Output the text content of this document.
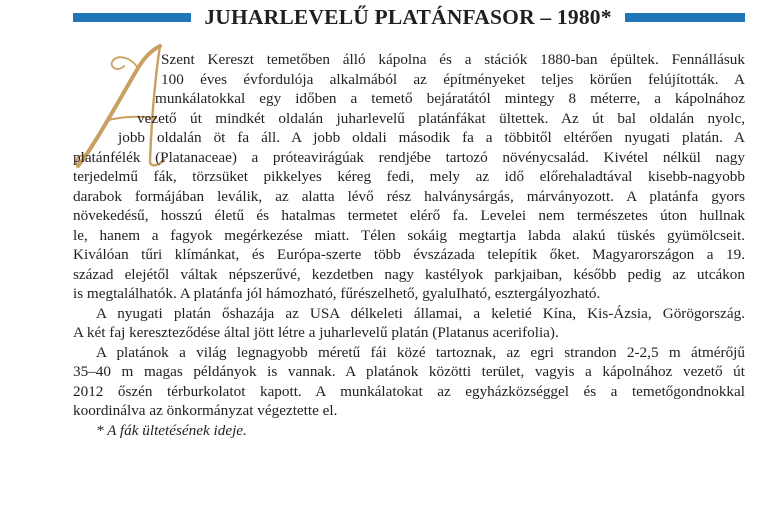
JUHARLEVELŰ PLATÁNFASOR – 1980*
Szent Kereszt temetőben álló kápolna és a stációk 1880-ban épültek. Fennállásuk
100 éves évfordulója alkalmából az építményeket teljes körűen felújították. A
munkálatokkal egy időben a temető bejáratától mintegy 8 méterre, a kápolnához
vezető út mindkét oldalán juharlevelű platánfákat ültettek. Az út bal oldalán nyolc,
jobb oldalán öt fa áll. A jobb oldali második fa a többitől eltérően nyugati platán. A
platánfélék (Platanaceae) a próteavirágúak rendjébe tartozó növénycsalád. Kivétel nélkül nagy
terjedelmű fák, törzsüket pikkelyes kéreg fedi, mely az idő előrehaladtával kisebb-nagyobb
darabok formájában leválik, az alatta lévő rész halványsárgás, márványozott. A platánfa gyors
növekedésű, hosszú életű és hatalmas termetet elérő fa. Levelei nem természetes úton hullnak
le, hanem a fagyok megérkezése miatt. Télen sokáig megtartja labda alakú tüskés gyümölcseit.
Kiválóan tűri klímánkat, és Európa-szerte több évszázada telepítik őket. Magyarországon a 19.
század elejétől váltak népszerűvé, kezdetben nagy kastélyok parkjaiban, később pedig az utcákon
is megtalálhatók. A platánfa jól hámozható, fűrészelhető, gyaluIható, esztergályozható.
A nyugati platán őshazája az USA délkeleti államai, a keletié Kína, Kis-Ázsia, Görögország.
A két faj kereszteződése által jött létre a juharlevelű platán (Platanus acerifolia).
A platánok a világ legnagyobb méretű fái közé tartoznak, az egri strandon 2-2,5 m átmérőjű
35–40 m magas példányok is vannak. A platánok közötti terület, vagyis a kápolnához vezető út
2012 őszén térburkolatot kapott. A munkálatokat az egyházközséggel és a temetőgondnokkal
koordinálva az önkormányzat végeztette el.
* A fák ültetésének ideje.
